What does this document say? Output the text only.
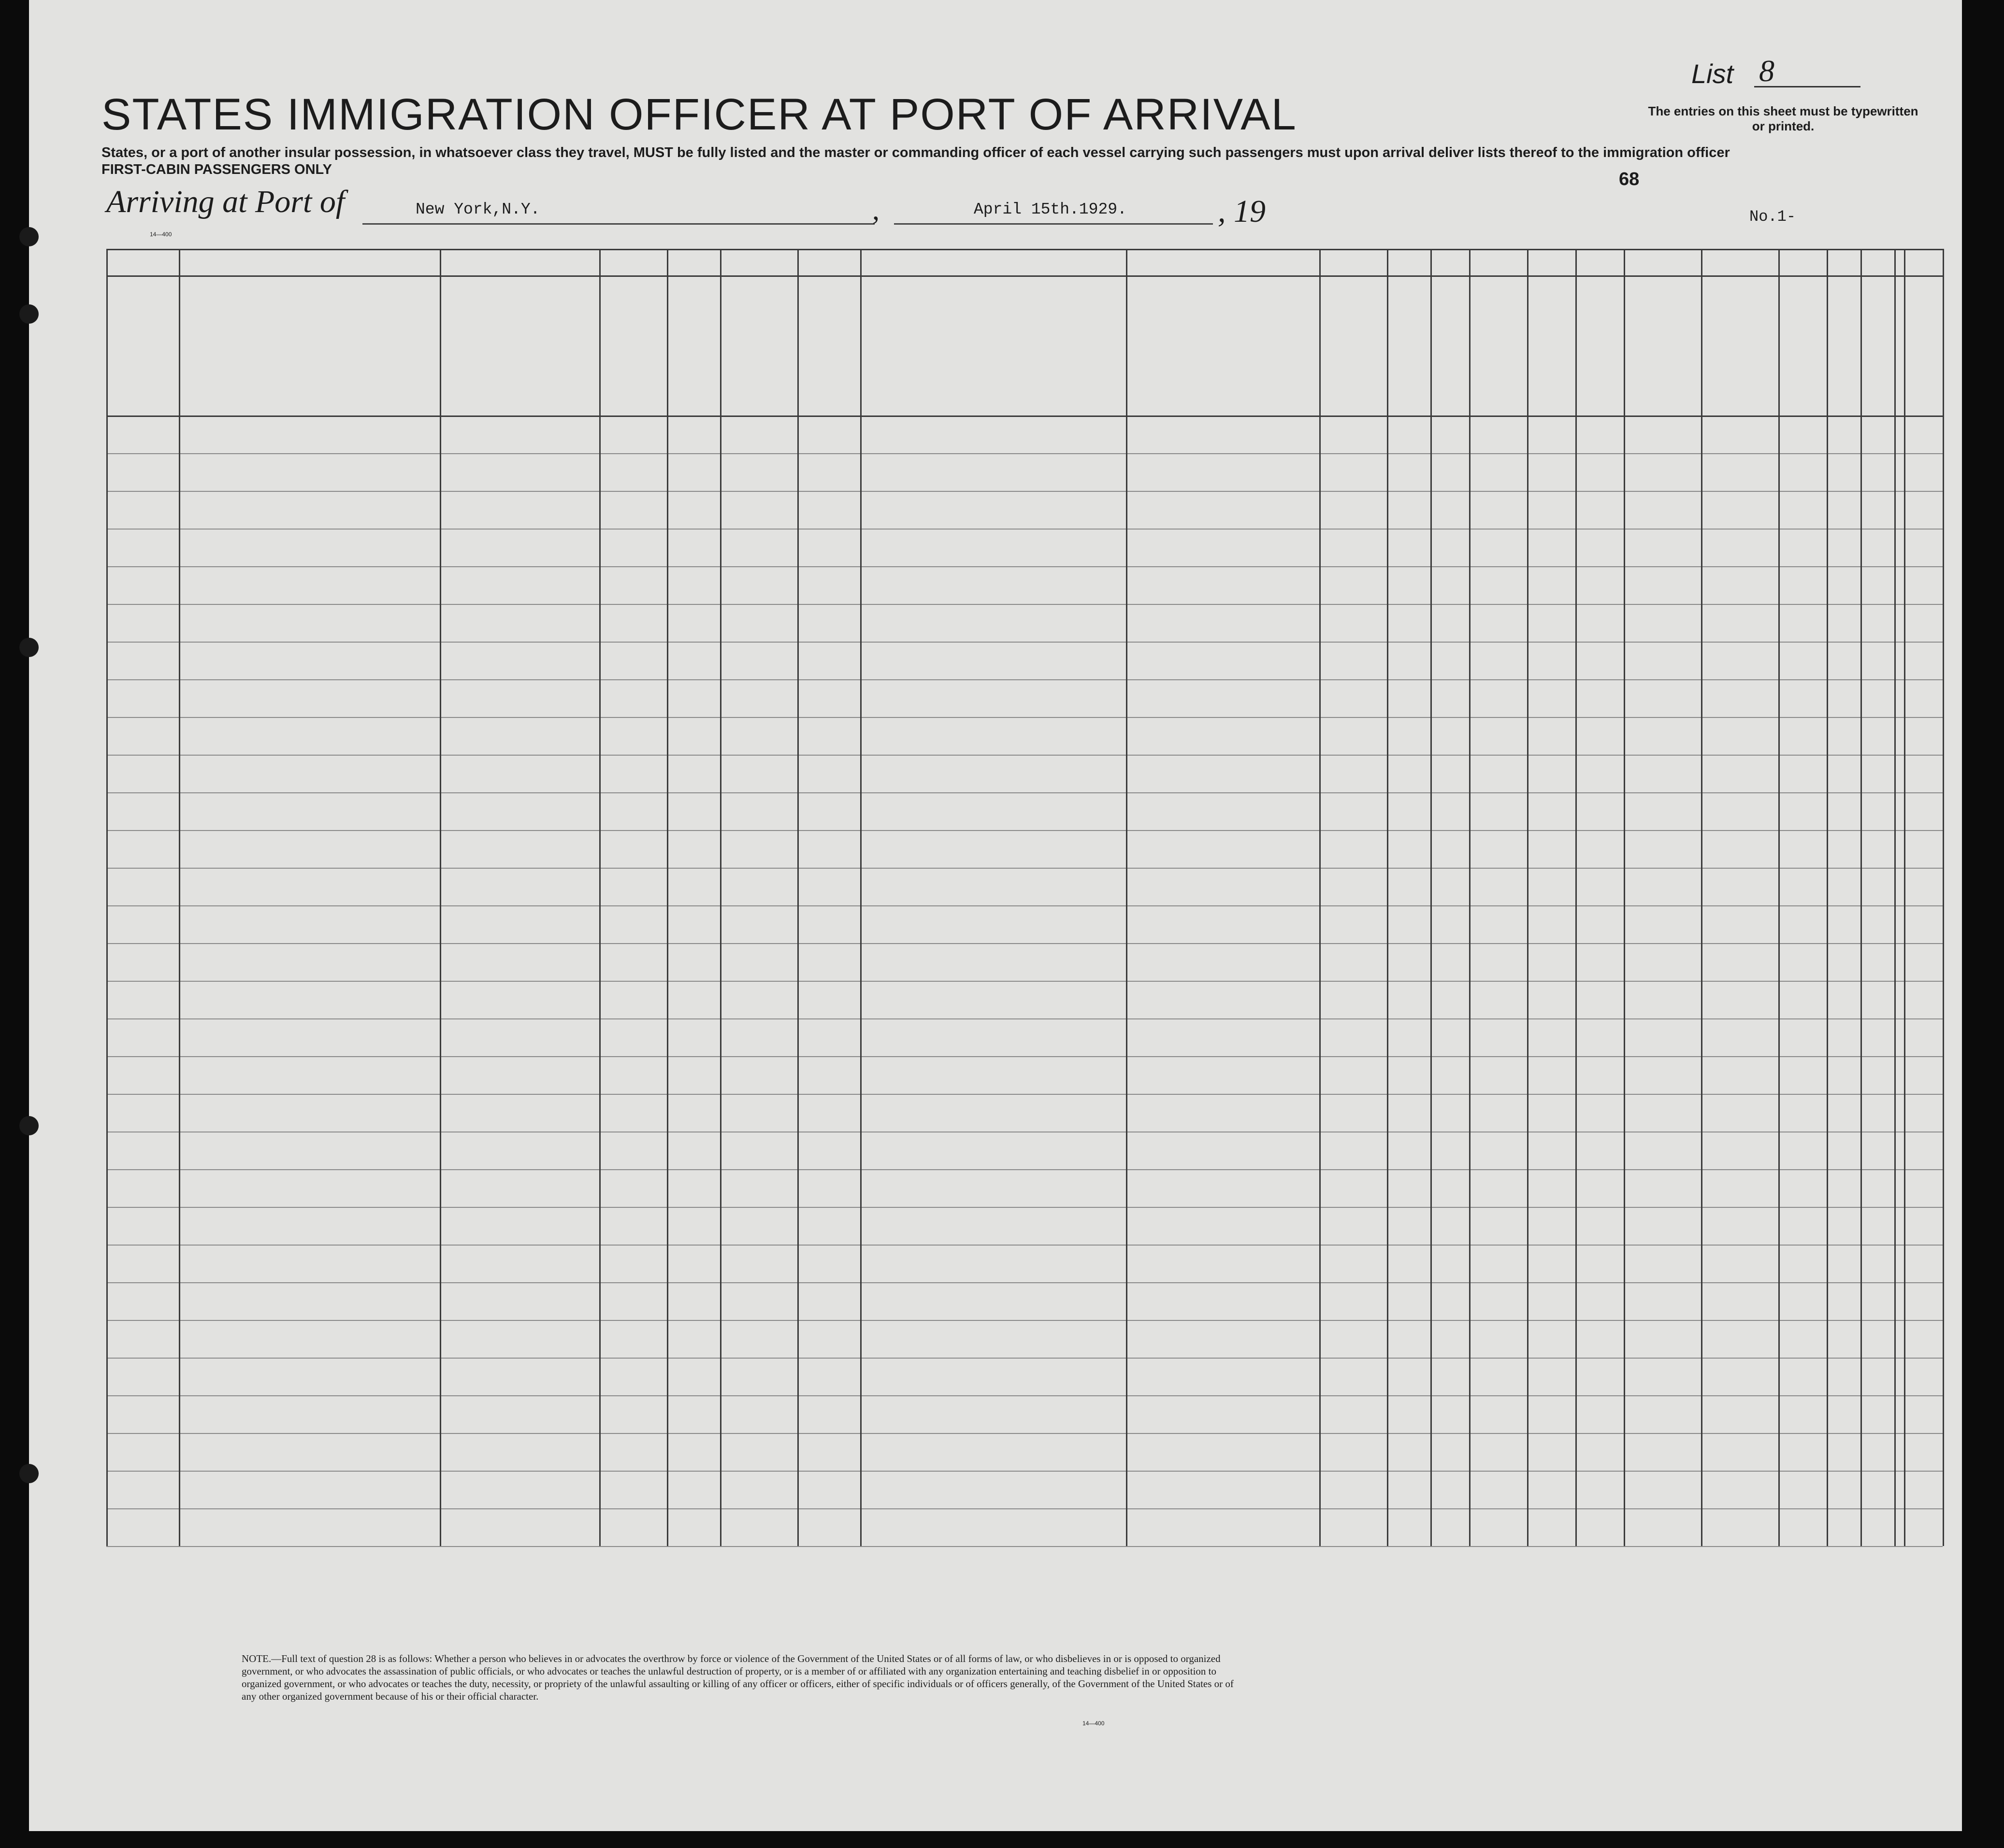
STATES IMMIGRATION OFFICER AT PORT OF ARRIVAL
States, or a port of another insular possession, in whatsoever class they travel, MUST be fully listed and the master or commanding officer of each vessel carrying such passengers must upon arrival deliver lists thereof to the immigration officer
FIRST-CABIN PASSENGERS ONLY
List 8
The entries on this sheet must be typewritten or printed.
68
Arriving at Port of	New York,N.Y.	,	April 15th.1929.	, 19	No.1-
14—400
NOTE.—Full text of question 28 is as follows: Whether a person who believes in or advocates the overthrow by force or violence of the Government of the United States or of all forms of law, or who disbelieves in or is opposed to organized government, or who advocates the assassination of public officials, or who advocates or teaches the unlawful destruction of property, or is a member of or affiliated with any organization entertaining and teaching disbelief in or opposition to organized government, or who advocates or teaches the duty, necessity, or propriety of the unlawful assaulting or killing of any officer or officers, either of specific individuals or of officers generally, of the Government of the United States or of any other organized government because of his or their official character.
14—400
